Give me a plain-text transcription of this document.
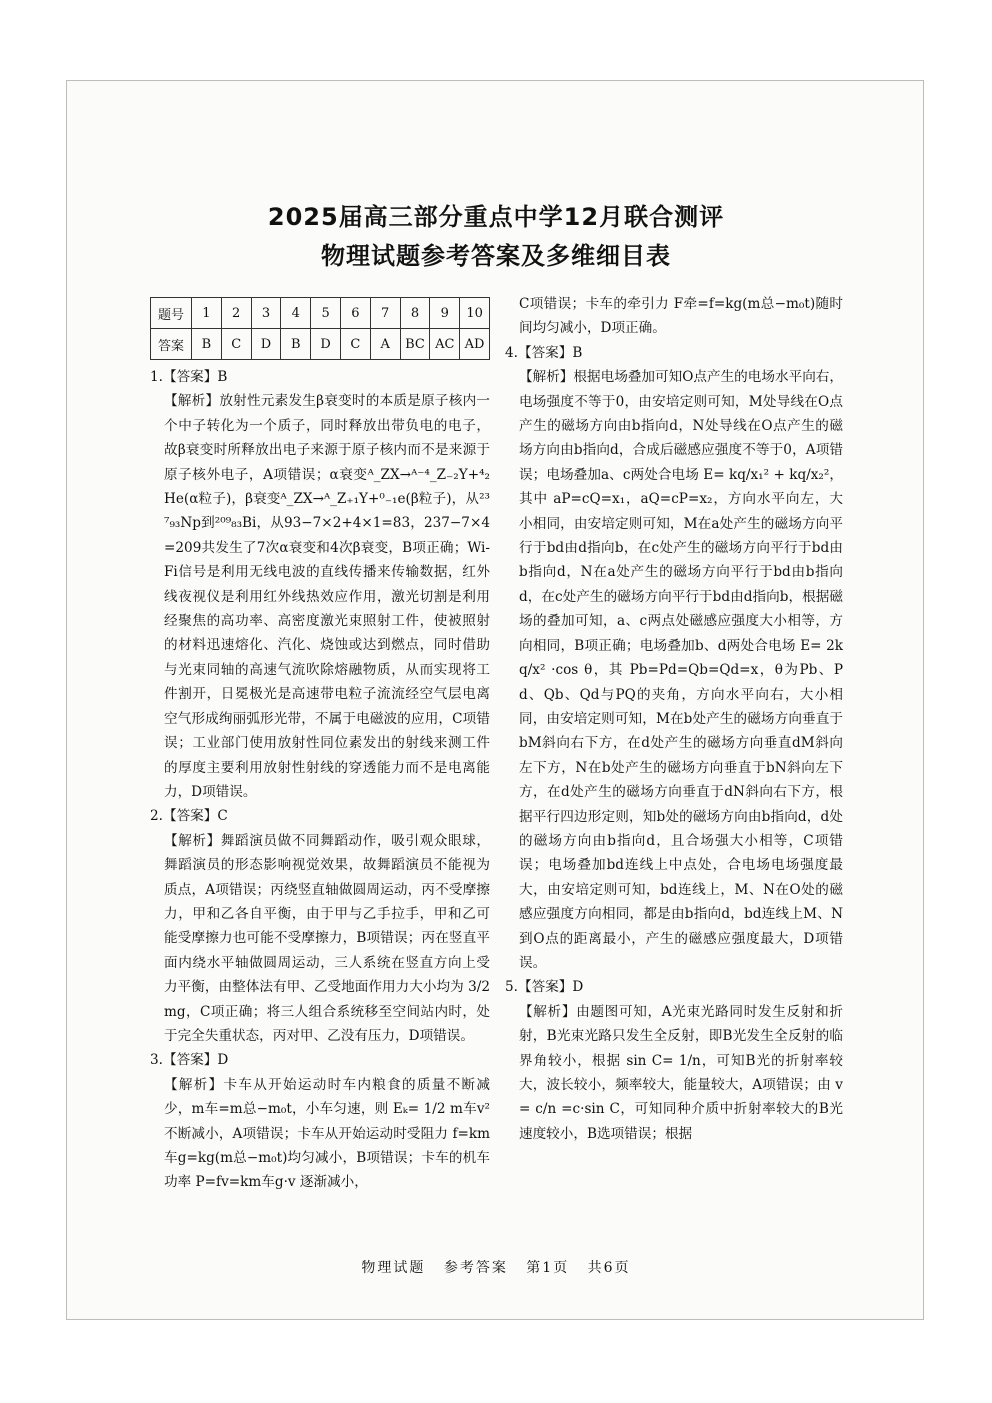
2025届高三部分重点中学12月联合测评
物理试题参考答案及多维细目表
题号	1	2	3	4	5	6	7	8	9	10
答案	B	C	D	B	D	C	A	BC	AC	AD

1.【答案】B

【解析】放射性元素发生β衰变时的本质是原子核内一个中子转化为一个质子，同时释放出带负电的电子，故β衰变时所释放出电子来源于原子核内而不是来源于原子核外电子，A项错误；α衰变ᴬ_ZX→ᴬ⁻⁴_Z₋₂Y+⁴₂He(α粒子)，β衰变ᴬ_ZX→ᴬ_Z₊₁Y+⁰₋₁e(β粒子)，从²³⁷₉₃Np到²⁰⁹₈₃Bi，从93−7×2+4×1=83，237−7×4=209共发生了7次α衰变和4次β衰变，B项正确；Wi-Fi信号是利用无线电波的直线传播来传输数据，红外线夜视仪是利用红外线热效应作用，激光切割是利用经聚焦的高功率、高密度激光束照射工件，使被照射的材料迅速熔化、汽化、烧蚀或达到燃点，同时借助与光束同轴的高速气流吹除熔融物质，从而实现将工件割开，日冕极光是高速带电粒子流流经空气层电离空气形成绚丽弧形光带，不属于电磁波的应用，C项错误；工业部门使用放射性同位素发出的射线来测工件的厚度主要利用放射性射线的穿透能力而不是电离能力，D项错误。

2.【答案】C

【解析】舞蹈演员做不同舞蹈动作，吸引观众眼球，舞蹈演员的形态影响视觉效果，故舞蹈演员不能视为质点，A项错误；丙绕竖直轴做圆周运动，丙不受摩擦力，甲和乙各自平衡，由于甲与乙手拉手，甲和乙可能受摩擦力也可能不受摩擦力，B项错误；丙在竖直平面内绕水平轴做圆周运动，三人系统在竖直方向上受力平衡，由整体法有甲、乙受地面作用力大小均为 3/2 mg，C项正确；将三人组合系统移至空间站内时，处于完全失重状态，丙对甲、乙没有压力，D项错误。

3.【答案】D

【解析】卡车从开始运动时车内粮食的质量不断减少，m车=m总−m₀t，小车匀速，则 Eₖ= 1/2 m车v² 不断减小，A项错误；卡车从开始运动时受阻力 f=km车g=kg(m总−m₀t)均匀减小，B项错误；卡车的机车功率 P=fv=km车g·v 逐渐减小，

C项错误；卡车的牵引力 F牵=f=kg(m总−m₀t)随时间均匀减小，D项正确。

4.【答案】B

【解析】根据电场叠加可知O点产生的电场水平向右，电场强度不等于0，由安培定则可知，M处导线在O点产生的磁场方向由b指向d，N处导线在O点产生的磁场方向由b指向d，合成后磁感应强度不等于0，A项错误；电场叠加a、c两处合电场 E= kq/x₁² + kq/x₂²，其中 aP=cQ=x₁，aQ=cP=x₂，方向水平向左，大小相同，由安培定则可知，M在a处产生的磁场方向平行于bd由d指向b，在c处产生的磁场方向平行于bd由b指向d，N在a处产生的磁场方向平行于bd由b指向d，在c处产生的磁场方向平行于bd由d指向b，根据磁场的叠加可知，a、c两点处磁感应强度大小相等，方向相同，B项正确；电场叠加b、d两处合电场 E= 2kq/x² ·cos θ，其 Pb=Pd=Qb=Qd=x，θ为Pb、Pd、Qb、Qd与PQ的夹角，方向水平向右，大小相同，由安培定则可知，M在b处产生的磁场方向垂直于bM斜向右下方，在d处产生的磁场方向垂直dM斜向左下方，N在b处产生的磁场方向垂直于bN斜向左下方，在d处产生的磁场方向垂直于dN斜向右下方，根据平行四边形定则，知b处的磁场方向由b指向d，d处的磁场方向由b指向d，且合场强大小相等，C项错误；电场叠加bd连线上中点处，合电场电场强度最大，由安培定则可知，bd连线上，M、N在O处的磁感应强度方向相同，都是由b指向d，bd连线上M、N到O点的距离最小，产生的磁感应强度最大，D项错误。

5.【答案】D

【解析】由题图可知，A光束光路同时发生反射和折射，B光束光路只发生全反射，即B光发生全反射的临界角较小，根据 sin C= 1/n，可知B光的折射率较大，波长较小，频率较大，能量较大，A项错误；由 v= c/n =c·sin C，可知同种介质中折射率较大的B光速度较小，B选项错误；根据

物理试题 参考答案 第1页 共6页
